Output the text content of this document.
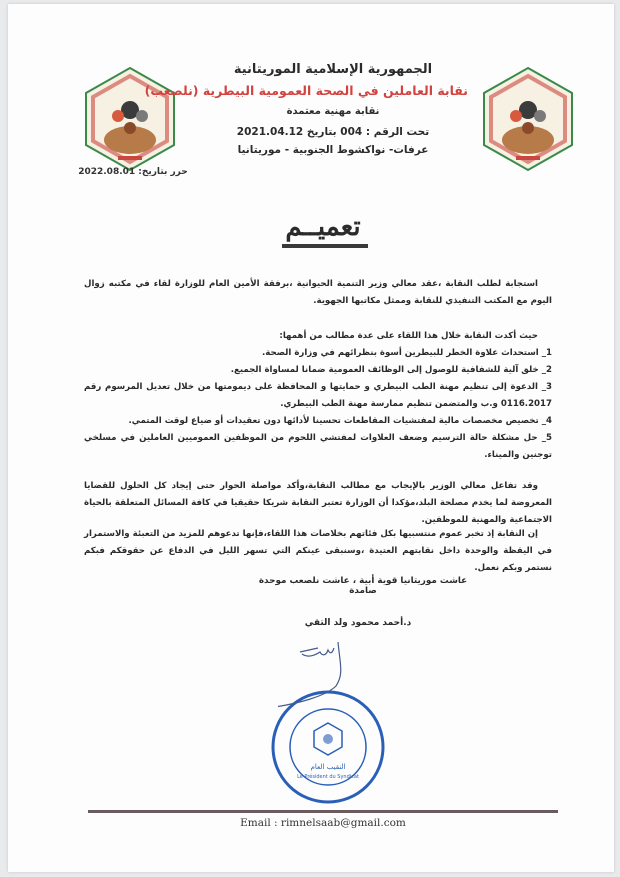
الجمهورية الإسلامية الموريتانية
نقابة العاملين في الصحة العمومية البيطرية (نلصعب)
نقابة مهنية معتمدة
تحت الرقم : 004 بتاريخ 2021.04.12
عرفات- نواكشوط الجنوبية - موريتانيا
حرر بتاريخ: 2022.08.01
تعميــم
استجابة لطلب النقابة ،عقد معالي وزير التنمية الحيوانية ،برفقة الأمين العام للوزارة لقاء في مكتبه زوال اليوم مع المكتب التنفيذي للنقابة وممثل مكاتبها الجهوية.
حيث أكدت النقابة خلال هذا اللقاء على عدة مطالب من أهمها:
1_ استحداث علاوة الخطر للبيطرين أسوة بنظرائهم في وزارة الصحة.
2_ خلق آلية للشفافية للوصول إلى الوظائف العمومية ضمانا لمساواة الجميع.
3_ الدعوة إلى تنظيم مهنة الطب البيطري و حمايتها و المحافظة على ديمومتها من خلال تعديل المرسوم رقم 0116.2017 و.ب والمتضمن تنظيم ممارسة مهنة الطب البيطري.
4_ تخصيص مخصصات مالية لمفتشيات المقاطعات تحسينا لأدائها دون تعقيدات أو ضياع لوقت المتمي.
5_ حل مشكلة حالة الترسيم وضعف العلاوات لمفتشي اللحوم من الموظفين العموميين العاملين في مسلخي توجنين والميناء.
وقد تفاعل معالي الوزير بالإيجاب مع مطالب النقابة،وأكد مواصلة الحوار حتى إيجاد كل الحلول للقضايا المعروضة لما يخدم مصلحة البلد،مؤكدا أن الوزارة تعتبر النقابة شريكا حقيقيا في كافة المسائل المتعلقة بالحياة الاجتماعية والمهنية للموظفين.
إن النقابة إذ تخبر عموم منتسبيها بكل فئاتهم بخلاصات هذا اللقاء،فإنها تدعوهم للمزيد من التعبئة والاستمرار في اليقظة والوحدة داخل نقابتهم العتيدة ،وسنبقى عينكم التي تسهر الليل في الدفاع عن حقوقكم فبكم نستمر وبكم نعمل.
عاشت موريتانيا قوية أبية ، عاشت نلصعب موحدة صامدة
د.أحمد محمود ولد التقي
النقيب العام
Le Président du Syndicat
Email : rimnelsaab@gmail.com
